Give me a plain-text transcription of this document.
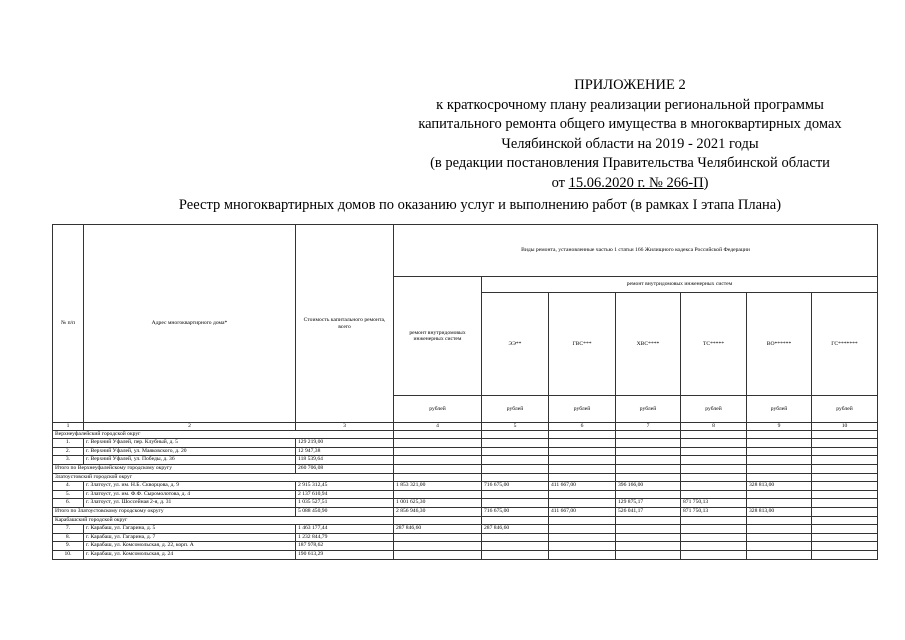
ПРИЛОЖЕНИЕ 2
к краткосрочному плану реализации региональной программы
капитального ремонта общего имущества в многоквартирных домах
Челябинской области на 2019 - 2021 годы
(в редакции постановления Правительства Челябинской области
от 15.06.2020 г. № 266-П)
Реестр многоквартирных домов по оказанию услуг и выполнению работ (в рамках I этапа Плана)
№ п/п	Адрес многоквартирного дома*	Стоимость капитального ремонта, всего	Виды ремонта, установленные частью 1 статьи 166 Жилищного кодекса Российской Федерации						
			ремонт внутридомовых инженерных систем	ремонт внутридомовых инженерных систем					
				ЭЭ**	ГВС***	ХВС****	ТС*****	ВО******	ГС*******
			рублей	рублей	рублей	рублей	рублей	рублей	рублей
1	2	3	4	5	6	7	8	9	10
Верхнеуфалейский городской округ									
1.	г. Верхний Уфалей, пер. Клубный, д. 5	129 219,00							
2.	г. Верхний Уфалей, ул. Маяковского, д. 20	12 947,38							
3.	г. Верхний Уфалей, ул. Победы, д. 36	118 539,64							
Итого по Верхнеуфалейскому городскому округу		260 706,08							
Златоустовский городской округ									
4.	г. Златоуст, ул. им. Н.Б. Скворцова, д. 9	2 915 312,45	1 853 321,00	716 675,00	411 667,00	396 166,00		328 813,00	
5.	г. Златоуст, ул. им. Ф.Ф. Сыромолотова, д. 4	2 137 610,94							
6.	г. Златоуст, ул. Шоссейная 2-я, д. 31	1 035 527,51	1 001 625,30			129 875,17	871 750,13		
Итого по Златоустовскому городскому округу		5 088 450,90	2 856 946,30	716 675,00	411 667,00	526 041,17	871 750,13	328 813,00	
Карабашский городской округ									
7.	г. Карабаш, ул. Гагарина, д. 5	1 463 177,44	287 846,60	287 846,60					
8.	г. Карабаш, ул. Гагарина, д. 7	1 232 844,79							
9.	г. Карабаш, ул. Комсомольская, д. 22, корп. А	187 978,62							
10.	г. Карабаш, ул. Комсомольская, д. 24	190 613,29							
